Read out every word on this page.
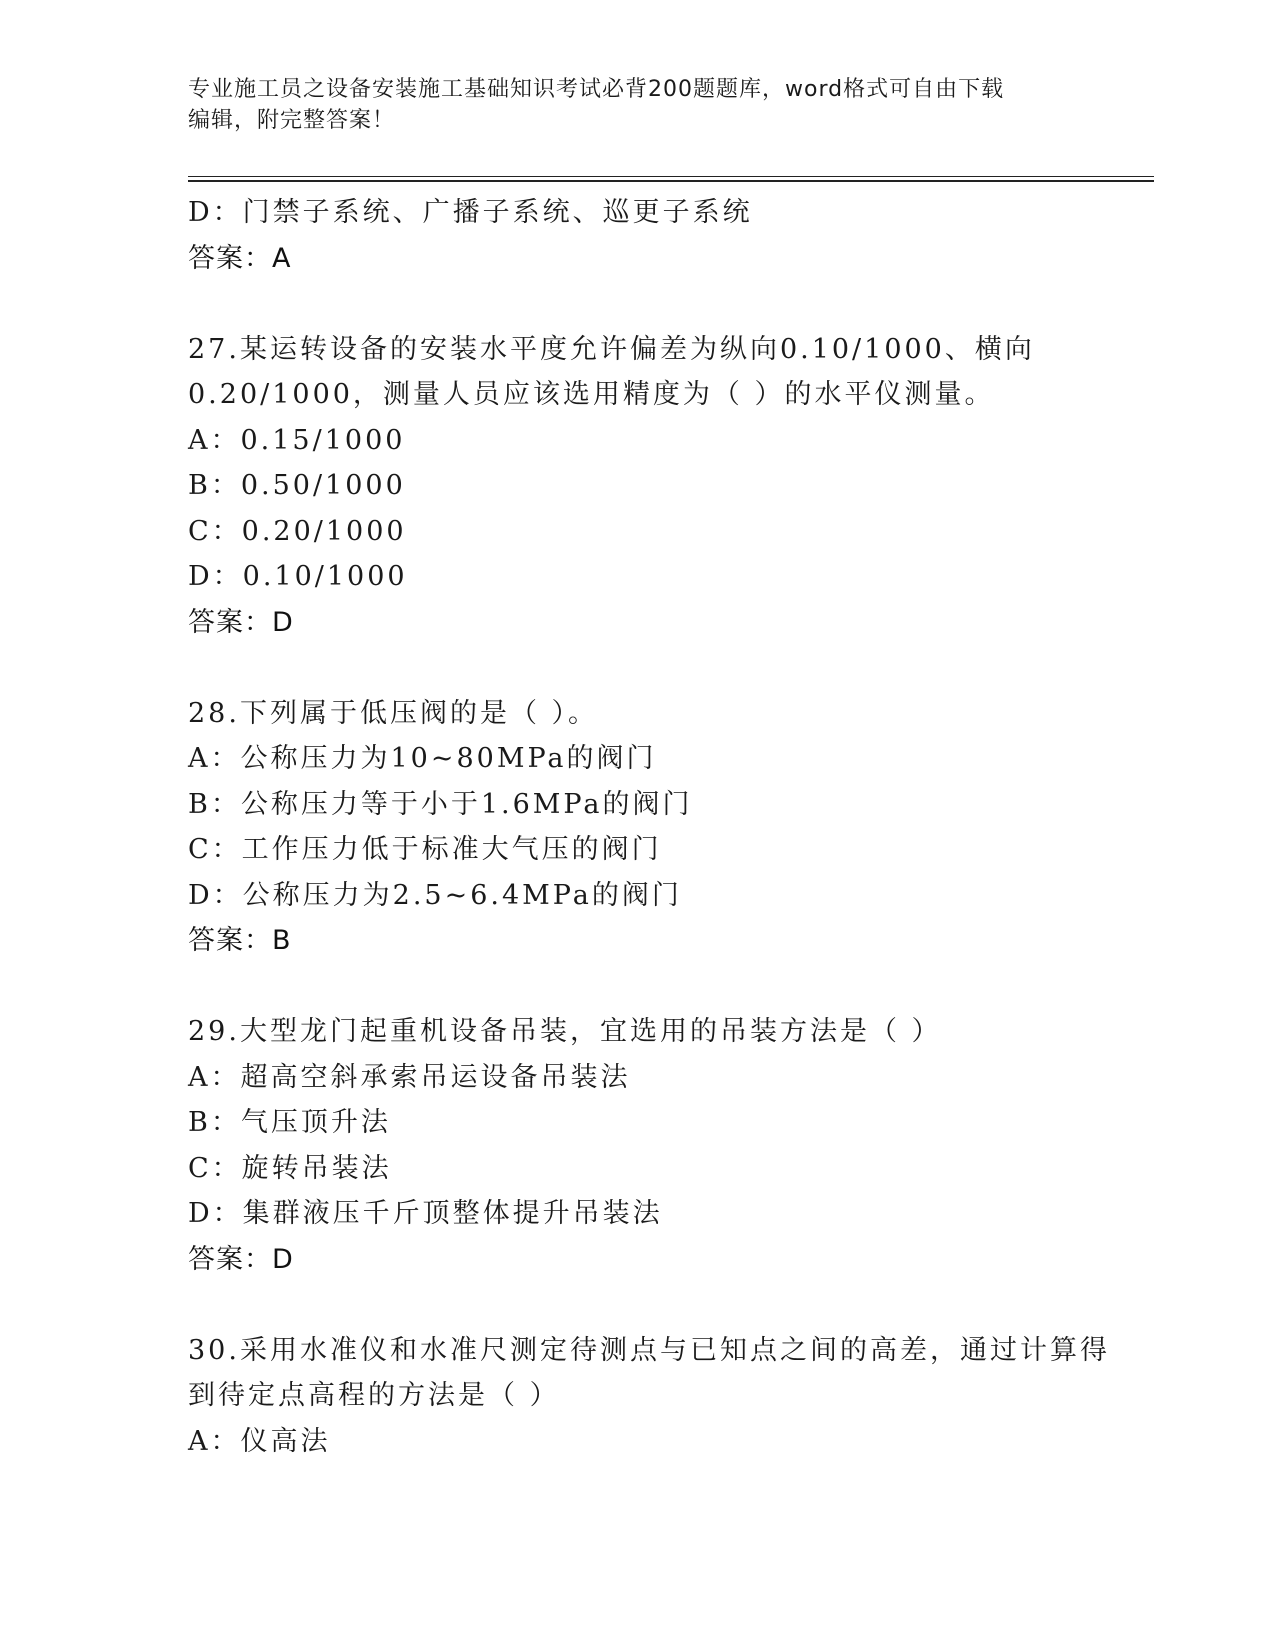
专业施工员之设备安装施工基础知识考试必背200题题库，word格式可自由下载
编辑，附完整答案！
D：门禁子系统、广播子系统、巡更子系统
答案：A
27.某运转设备的安装水平度允许偏差为纵向0.10/1000、横向
0.20/1000，测量人员应该选用精度为（ ）的水平仪测量。
A：0.15/1000
B：0.50/1000
C：0.20/1000
D：0.10/1000
答案：D
28.下列属于低压阀的是（ ）。
A：公称压力为10~80MPa的阀门
B：公称压力等于小于1.6MPa的阀门
C：工作压力低于标准大气压的阀门
D：公称压力为2.5~6.4MPa的阀门
答案：B
29.大型龙门起重机设备吊装，宜选用的吊装方法是（ ）
A：超高空斜承索吊运设备吊装法
B：气压顶升法
C：旋转吊装法
D：集群液压千斤顶整体提升吊装法
答案：D
30.采用水准仪和水准尺测定待测点与已知点之间的高差，通过计算得
到待定点高程的方法是（ ）
A：仪高法
